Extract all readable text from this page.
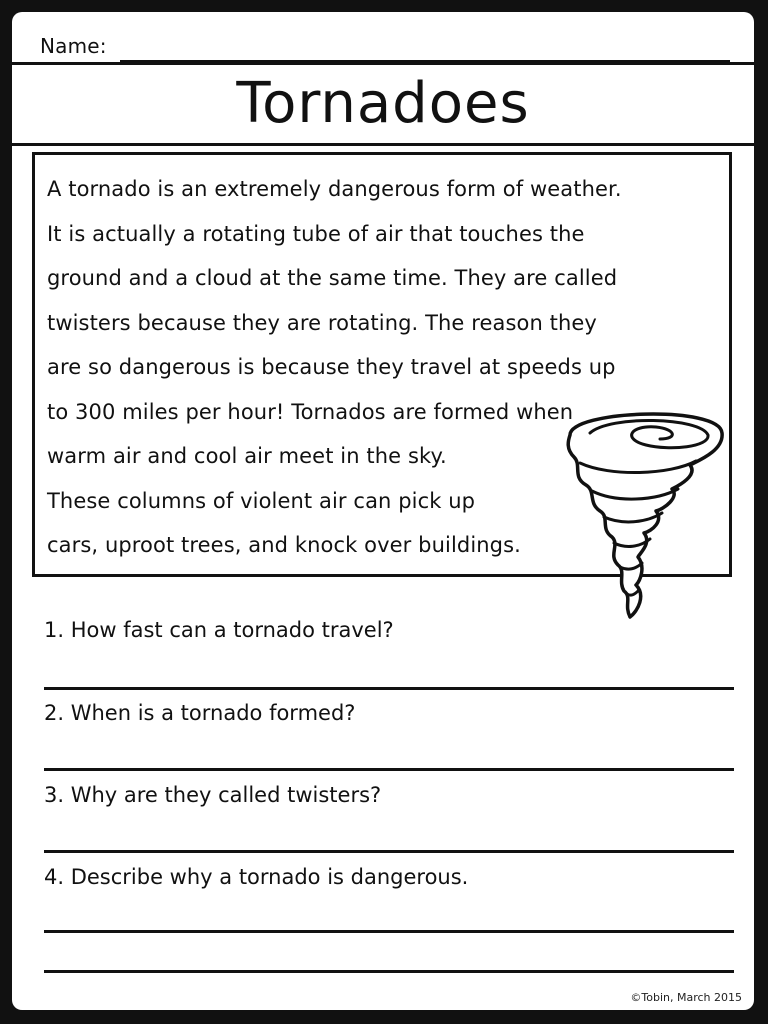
Name:
Tornadoes
A tornado is an extremely dangerous form of weather.
It is actually a rotating tube of air that touches the
ground and a cloud at the same time. They are called
twisters because they are rotating. The reason they
are so dangerous is because they travel at speeds up
to 300 miles per hour! Tornados are formed when
warm air and cool air meet in the sky.
These columns of violent air can pick up
cars, uproot trees, and knock over buildings.
1. How fast can a tornado travel?
2. When is a tornado formed?
3. Why are they called twisters?
4. Describe why a tornado is dangerous.
©Tobin, March 2015
